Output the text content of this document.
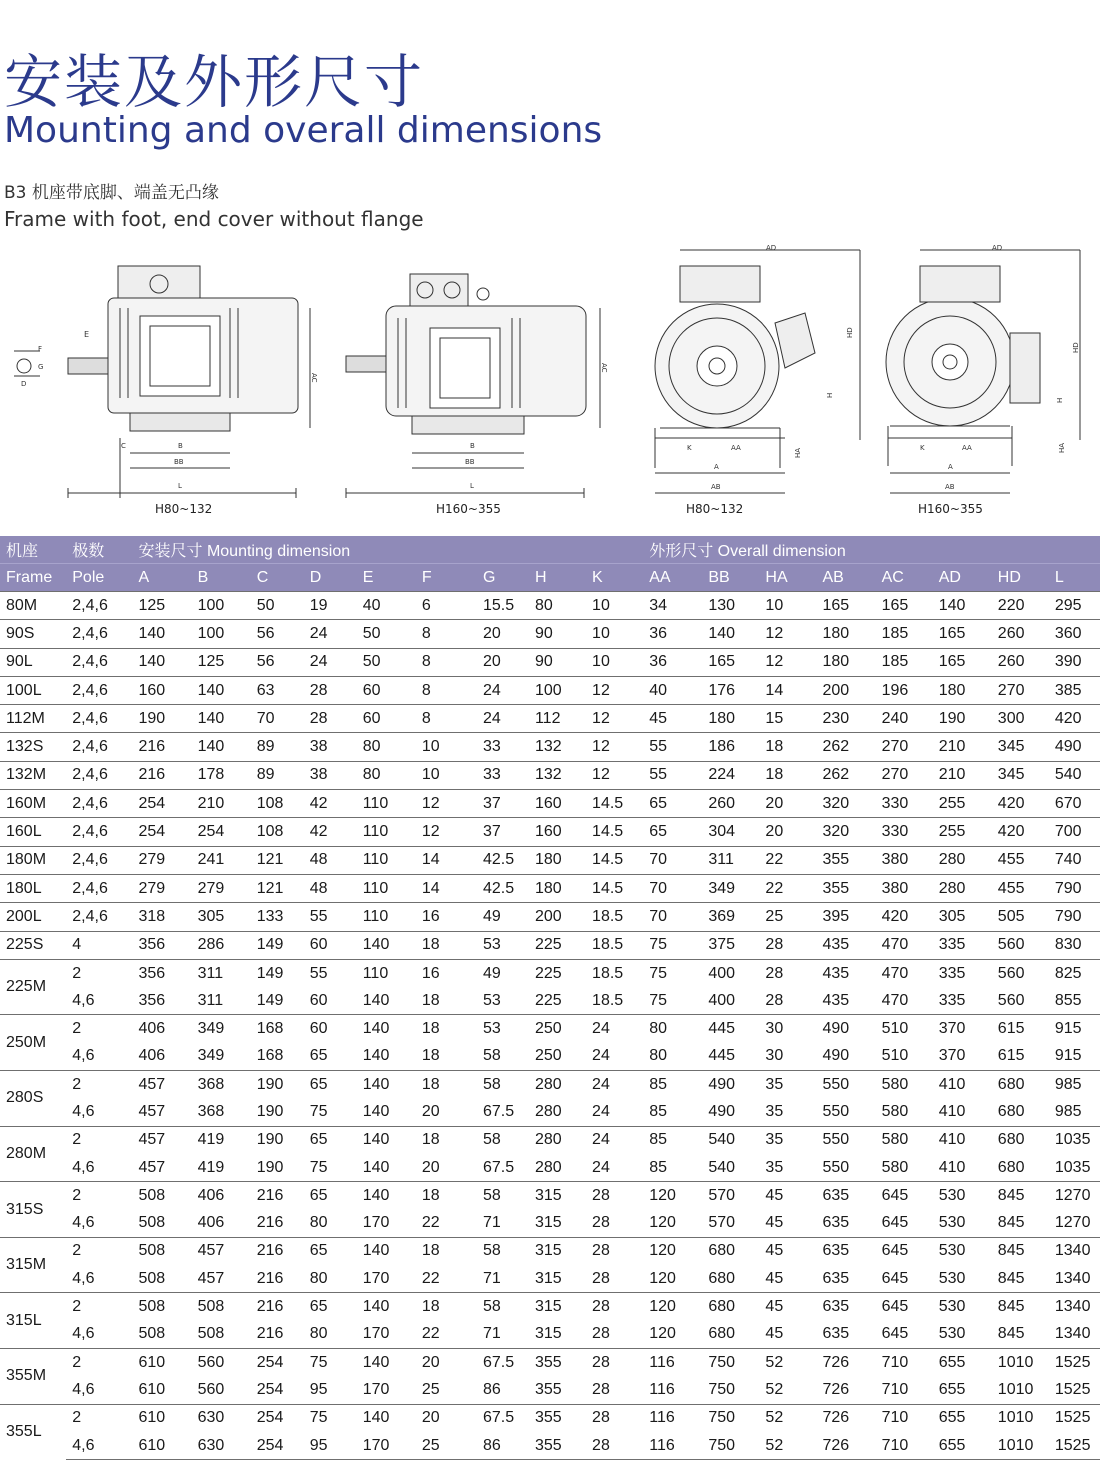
安装及外形尺寸
Mounting and overall dimensions
B3 机座带底脚、端盖无凸缘
Frame with foot, end cover without flange
E
F
G
D
C	B
BB
L
AC
H80~132
B
BB
L
AC
H160~355
AD
HD
H
HA
K	AA
A
AB
H80~132
AD
HD
H
HA
K	AA
A
AB
H160~355
机座	极数	安装尺寸 Mounting dimension									外形尺寸 Overall dimension							
Frame	Pole	A	B	C	D	E	F	G	H	K	AA	BB	HA	AB	AC	AD	HD	L
80M	2,4,6	125	100	50	19	40	6	15.5	80	10	34	130	10	165	165	140	220	295
90S	2,4,6	140	100	56	24	50	8	20	90	10	36	140	12	180	185	165	260	360
90L	2,4,6	140	125	56	24	50	8	20	90	10	36	165	12	180	185	165	260	390
100L	2,4,6	160	140	63	28	60	8	24	100	12	40	176	14	200	196	180	270	385
112M	2,4,6	190	140	70	28	60	8	24	112	12	45	180	15	230	240	190	300	420
132S	2,4,6	216	140	89	38	80	10	33	132	12	55	186	18	262	270	210	345	490
132M	2,4,6	216	178	89	38	80	10	33	132	12	55	224	18	262	270	210	345	540
160M	2,4,6	254	210	108	42	110	12	37	160	14.5	65	260	20	320	330	255	420	670
160L	2,4,6	254	254	108	42	110	12	37	160	14.5	65	304	20	320	330	255	420	700
180M	2,4,6	279	241	121	48	110	14	42.5	180	14.5	70	311	22	355	380	280	455	740
180L	2,4,6	279	279	121	48	110	14	42.5	180	14.5	70	349	22	355	380	280	455	790
200L	2,4,6	318	305	133	55	110	16	49	200	18.5	70	369	25	395	420	305	505	790
225S	4	356	286	149	60	140	18	53	225	18.5	75	375	28	435	470	335	560	830
225M	2	356	311	149	55	110	16	49	225	18.5	75	400	28	435	470	335	560	825
	4,6	356	311	149	60	140	18	53	225	18.5	75	400	28	435	470	335	560	855
250M	2	406	349	168	60	140	18	53	250	24	80	445	30	490	510	370	615	915
	4,6	406	349	168	65	140	18	58	250	24	80	445	30	490	510	370	615	915
280S	2	457	368	190	65	140	18	58	280	24	85	490	35	550	580	410	680	985
	4,6	457	368	190	75	140	20	67.5	280	24	85	490	35	550	580	410	680	985
280M	2	457	419	190	65	140	18	58	280	24	85	540	35	550	580	410	680	1035
	4,6	457	419	190	75	140	20	67.5	280	24	85	540	35	550	580	410	680	1035
315S	2	508	406	216	65	140	18	58	315	28	120	570	45	635	645	530	845	1270
	4,6	508	406	216	80	170	22	71	315	28	120	570	45	635	645	530	845	1270
315M	2	508	457	216	65	140	18	58	315	28	120	680	45	635	645	530	845	1340
	4,6	508	457	216	80	170	22	71	315	28	120	680	45	635	645	530	845	1340
315L	2	508	508	216	65	140	18	58	315	28	120	680	45	635	645	530	845	1340
	4,6	508	508	216	80	170	22	71	315	28	120	680	45	635	645	530	845	1340
355M	2	610	560	254	75	140	20	67.5	355	28	116	750	52	726	710	655	1010	1525
	4,6	610	560	254	95	170	25	86	355	28	116	750	52	726	710	655	1010	1525
355L	2	610	630	254	75	140	20	67.5	355	28	116	750	52	726	710	655	1010	1525
	4,6	610	630	254	95	170	25	86	355	28	116	750	52	726	710	655	1010	1525
